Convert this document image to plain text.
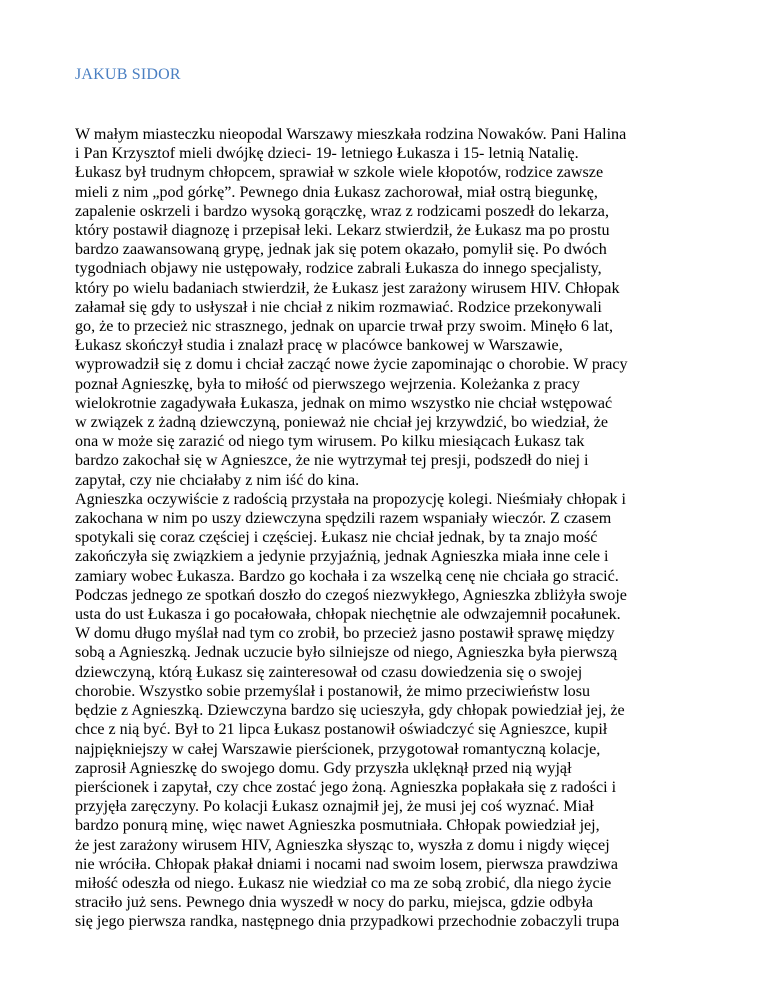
JAKUB SIDOR

W małym miasteczku nieopodal Warszawy mieszkała rodzina Nowaków. Pani Halina
i Pan Krzysztof mieli dwójkę dzieci- 19- letniego Łukasza i 15- letnią Natalię.
Łukasz był trudnym chłopcem, sprawiał w szkole wiele kłopotów, rodzice zawsze
mieli z nim „pod górkę”. Pewnego dnia Łukasz zachorował, miał ostrą biegunkę,
zapalenie oskrzeli i bardzo wysoką gorączkę, wraz z rodzicami poszedł do lekarza,
który postawił diagnozę i przepisał leki. Lekarz stwierdził, że Łukasz ma po prostu
bardzo zaawansowaną grypę, jednak jak się potem okazało, pomylił się. Po dwóch
tygodniach objawy nie ustępowały, rodzice zabrali Łukasza do innego specjalisty,
który po wielu badaniach stwierdził, że Łukasz jest zarażony wirusem HIV. Chłopak
załamał się gdy to usłyszał i nie chciał z nikim rozmawiać. Rodzice przekonywali
go, że to przecież nic strasznego, jednak on uparcie trwał przy swoim. Minęło 6 lat,
Łukasz skończył studia i znalazł pracę w placówce bankowej w Warszawie,
wyprowadził się z domu i chciał zacząć nowe życie zapominając o chorobie. W pracy
poznał Agnieszkę, była to miłość od pierwszego wejrzenia. Koleżanka z pracy
wielokrotnie zagadywała Łukasza, jednak on mimo wszystko nie chciał wstępować
w związek z żadną dziewczyną, ponieważ nie chciał jej krzywdzić, bo wiedział, że
ona w może się zarazić od niego tym wirusem. Po kilku miesiącach Łukasz tak
bardzo zakochał się w Agnieszce, że nie wytrzymał tej presji, podszedł do niej i
zapytał, czy nie chciałaby z nim iść do kina.
Agnieszka oczywiście z radością przystała na propozycję kolegi. Nieśmiały chłopak i
zakochana w nim po uszy dziewczyna spędzili razem wspaniały wieczór. Z czasem
spotykali się coraz częściej i częściej. Łukasz nie chciał jednak, by ta znajo mość
zakończyła się związkiem a jedynie przyjaźnią, jednak Agnieszka miała inne cele i
zamiary wobec Łukasza. Bardzo go kochała i za wszelką cenę nie chciała go stracić.
Podczas jednego ze spotkań doszło do czegoś niezwykłego, Agnieszka zbliżyła swoje
usta do ust Łukasza i go pocałowała, chłopak niechętnie ale odwzajemnił pocałunek.
W domu długo myślał nad tym co zrobił, bo przecież jasno postawił sprawę między
sobą a Agnieszką. Jednak uczucie było silniejsze od niego, Agnieszka była pierwszą
dziewczyną, którą Łukasz się zainteresował od czasu dowiedzenia się o swojej
chorobie. Wszystko sobie przemyślał i postanowił, że mimo przeciwieństw losu
będzie z Agnieszką. Dziewczyna bardzo się ucieszyła, gdy chłopak powiedział jej, że
chce z nią być. Był to 21 lipca Łukasz postanowił oświadczyć się Agnieszce, kupił
najpiękniejszy w całej Warszawie pierścionek, przygotował romantyczną kolacje,
zaprosił Agnieszkę do swojego domu. Gdy przyszła uklęknął przed nią wyjął
pierścionek i zapytał, czy chce zostać jego żoną. Agnieszka popłakała się z radości i
przyjęła zaręczyny. Po kolacji Łukasz oznajmił jej, że musi jej coś wyznać. Miał
bardzo ponurą minę, więc nawet Agnieszka posmutniała. Chłopak powiedział jej,
że jest zarażony wirusem HIV, Agnieszka słysząc to, wyszła z domu i nigdy więcej
nie wróciła. Chłopak płakał dniami i nocami nad swoim losem, pierwsza prawdziwa
miłość odeszła od niego. Łukasz nie wiedział co ma ze sobą zrobić, dla niego życie
straciło już sens. Pewnego dnia wyszedł w nocy do parku, miejsca, gdzie odbyła
się jego pierwsza randka, następnego dnia przypadkowi przechodnie zobaczyli trupa
